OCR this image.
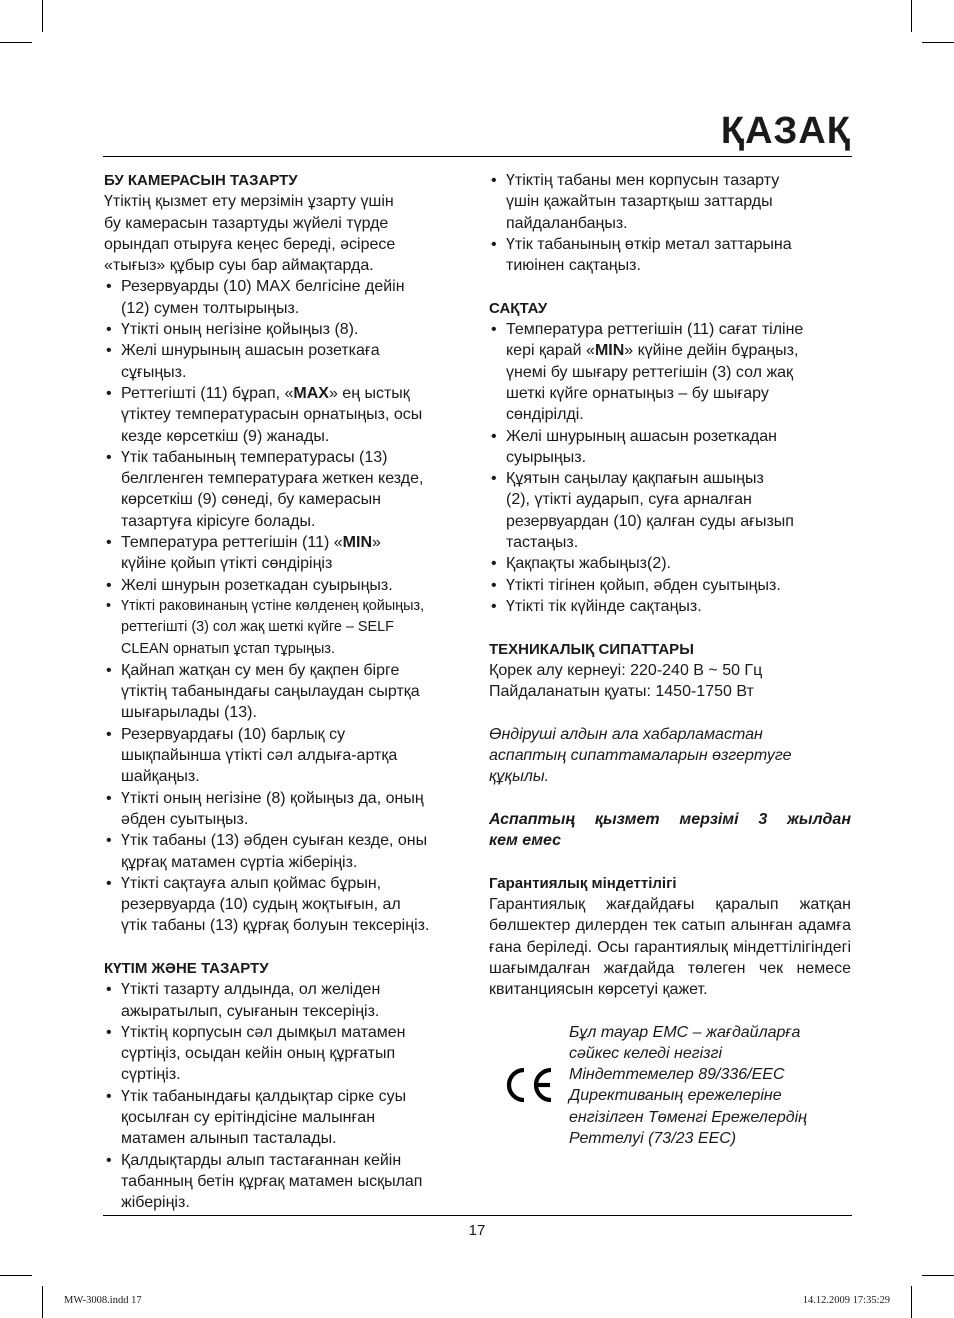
ҚАЗАҚ
БУ КАМЕРАСЫН ТАЗАРТУ

Үтіктің қызмет ету мерзімін ұзарту үшін
бу камерасын тазартуды жүйелі түрде
орындап отыруға кеңес береді, әсіресе
«тығыз» құбыр суы бар аймақтарда.

• Резервуарды (10) MAX белгісіне дейін
(12) сумен толтырыңыз.
• Үтікті оның негізіне қойыңыз (8).
• Желі шнурының ашасын розеткаға
сұғыңыз.
• Реттегішті (11) бұрап, «MAX» ең ыстық
үтіктеу температурасын орнатыңыз, осы
кезде көрсеткіш (9) жанады.
• Үтік табанының температурасы (13)
белгленген температураға жеткен кезде,
көрсеткіш (9) сөнеді, бу камерасын
тазартуға кірісуге болады.
• Температура реттегішін (11) «MIN»
күйіне қойып үтікті сөндіріңіз
• Желі шнурын розеткадан суырыңыз.
• Үтікті раковинаның үстіне көлденең қойыңыз,
реттегішті (3) сол жақ шеткі күйге – SELF
CLEAN орнатып ұстап тұрыңыз.
• Қайнап жатқан су мен бу қақпен бірге
үтіктің табанындағы саңылаудан сыртқа
шығарылады (13).
• Резервуардағы (10) барлық су
шықпайынша үтікті сәл алдыға-артқа
шайқаңыз.
• Үтікті оның негізіне (8) қойыңыз да, оның
әбден суытыңыз.
• Үтік табаны (13) әбден суыған кезде, оны
құрғақ матамен сүртіа жіберіңіз.
• Үтікті сақтауға алып қоймас бұрын,
резервуарда (10) судың жоқтығын, ал
үтік табаны (13) құрғақ болуын тексеріңіз.
КҮТІМ ЖӘНЕ ТАЗАРТУ
• Үтікті тазарту алдында, ол желіден
ажыратылып, суығанын тексеріңіз.
• Үтіктің корпусын сәл дымқыл матамен
сүртіңіз, осыдан кейін оның құрғатып
сүртіңіз.
• Үтік табанындағы қалдықтар сірке суы
қосылған су ерітіндісіне малынған
матамен алынып тасталады.
• Қалдықтарды алып тастағаннан кейін
табанның бетін құрғақ матамен ысқылап
жіберіңіз.
• Үтіктің табаны мен корпусын тазарту
үшін қажайтын тазартқыш заттарды
пайдаланбаңыз.
• Үтік табанының өткір метал заттарына
тиюінен сақтаңыз.
САҚТАУ
• Температура реттегішін (11) сағат тіліне
кері қарай «MIN» күйіне дейін бұраңыз,
үнемі бу шығару реттегішін (3) сол жақ
шеткі күйге орнатыңыз – бу шығару
сөндірілді.
• Желі шнурының ашасын розеткадан
суырыңыз.
• Құятын саңылау қақпағын ашыңыз
(2), үтікті аударып, суға арналған
резервуардан (10) қалған суды ағызып
тастаңыз.
• Қақпақты жабыңыз(2).
• Үтікті тігінен қойып, әбден суытыңыз.
• Үтікті тік күйінде сақтаңыз.
ТЕХНИКАЛЫҚ СИПАТТАРЫ

Қорек алу кернеуі: 220-240 В ~ 50 Гц
Пайдаланатын қуаты: 1450-1750 Вт

Өндіруші алдын ала хабарламастан
аспаптың сипаттамаларын өзгертуге
құқылы.

Аспаптың қызмет мерзімі 3 жылдан

кем емес

Гарантиялық міндеттілігі

Гарантиялық жағдайдағы қаралып жатқан бөлшектер дилерден тек сатып алынған адамға ғана беріледі. Осы гарантиялық міндеттілігіндегі шағымдалған жағдайда төлеген чек немесе квитанциясын көрсетуі қажет.

Бұл тауар ЕМС – жағдайларға
сәйкес келеді негізгі
Міндеттемелер 89/336/ЕЕС
Директиваның ережелеріне
енгізілген Төменгі Ережелердің
Реттелуі (73/23 ЕЕС)
17
MW-3008.indd 17	14.12.2009 17:35:29
